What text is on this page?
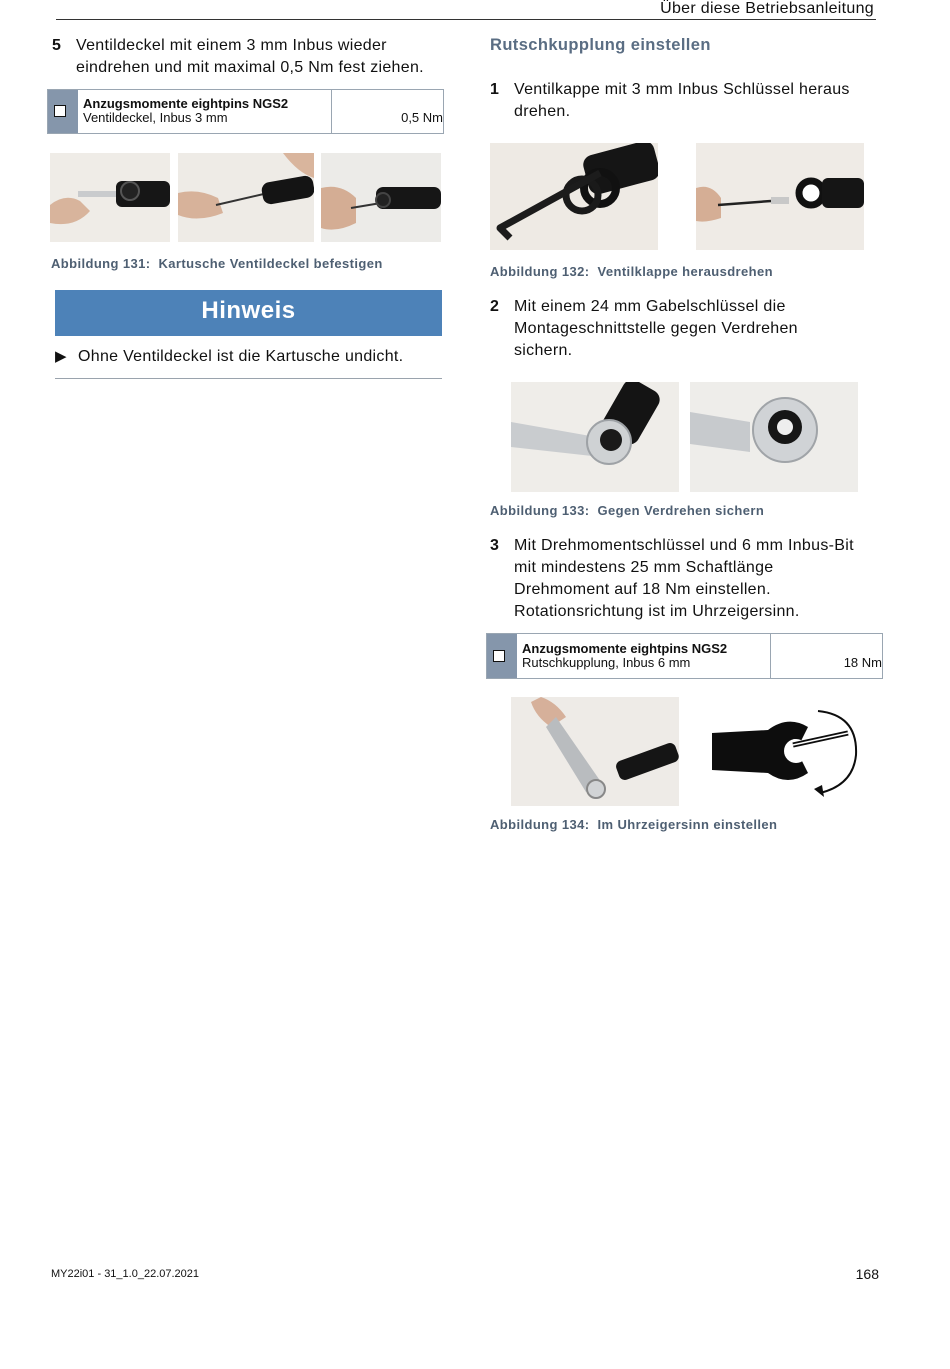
Über diese Betriebsanleitung
5 Ventildeckel mit einem 3 mm Inbus wieder
eindrehen und mit maximal 0,5 Nm fest ziehen.
Anzugsmomente eightpins NGS2
Ventildeckel, Inbus 3 mm	0,5 Nm
Abbildung 131: Kartusche Ventildeckel befestigen
Hinweis
▶ Ohne Ventildeckel ist die Kartusche undicht.
Rutschkupplung einstellen
1 Ventilkappe mit 3 mm Inbus Schlüssel heraus
drehen.
Abbildung 132: Ventilklappe herausdrehen
2 Mit einem 24 mm Gabelschlüssel die
Montageschnittstelle gegen Verdrehen
sichern.
Abbildung 133: Gegen Verdrehen sichern
3 Mit Drehmomentschlüssel und 6 mm Inbus-Bit
mit mindestens 25 mm Schaftlänge
Drehmoment auf 18 Nm einstellen.
Rotationsrichtung ist im Uhrzeigersinn.
Anzugsmomente eightpins NGS2
Rutschkupplung, Inbus 6 mm	18 Nm
Abbildung 134: Im Uhrzeigersinn einstellen
MY22i01 - 31_1.0_22.07.2021	168
